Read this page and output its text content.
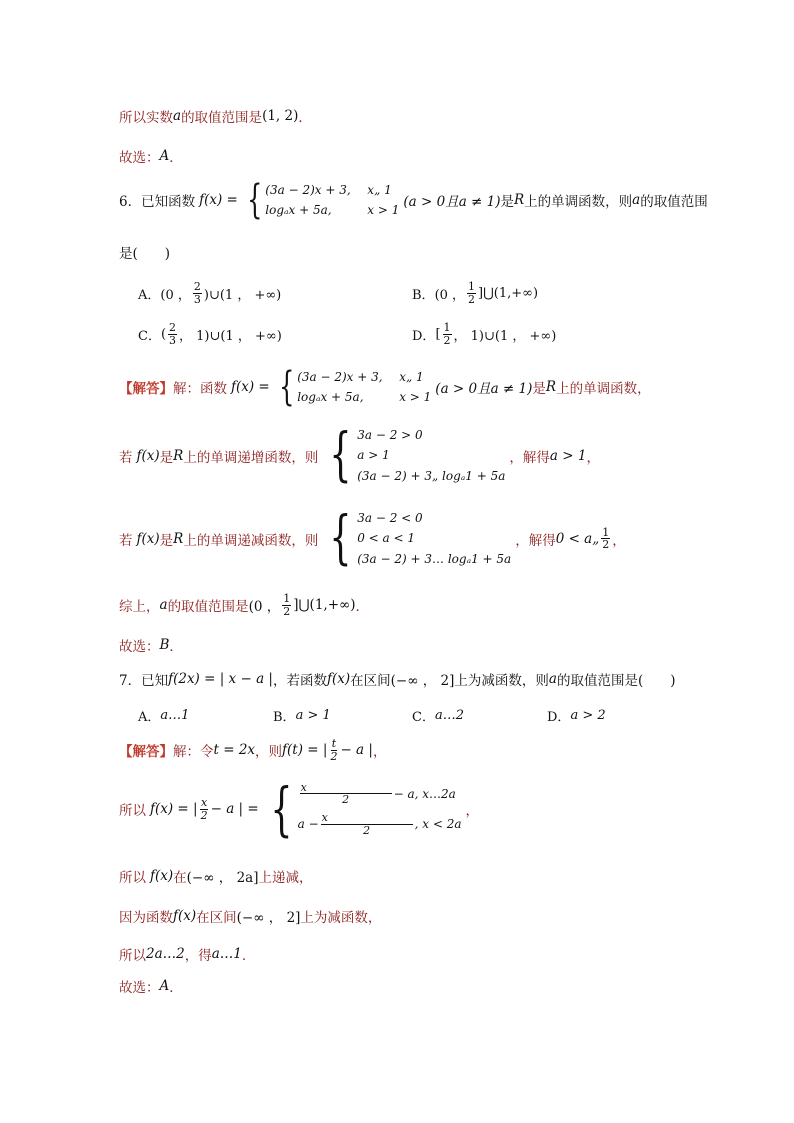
所以实数 a 的取值范围是 (1, 2) ．
故选： A ．
6． 已知函数 f(x) = { (3a − 2)x + 3,	x„ 1
logₐx + 5a,	x > 1 (a > 0且a ≠ 1) 是 R 上的单调函数，则 a 的取值范围
是(　　)
A． (0 ， $\frac{2}{3}$ )∪(1 ， +∞)	B． (0 ， $\frac{1}{2}$ ]⋃(1,+∞)
C． ( $\frac{2}{3}$ ， 1)∪(1 ， +∞)	D． [ $\frac{1}{2}$ ， 1)∪(1 ， +∞)
【解答】 解：函数 f(x) = { (3a − 2)x + 3,	x„ 1
logₐx + 5a,	x > 1 (a > 0且a ≠ 1) 是 R 上的单调函数，
若 f(x) 是 R 上的单调递增函数，则 { 3a − 2 > 0
a > 1
(3a − 2) + 3„ logₐ1 + 5a
，解得 a > 1 ，
若 f(x) 是 R 上的单调递减函数，则 { 3a − 2 < 0
0 < a < 1
(3a − 2) + 3… logₐ1 + 5a
，解得 0 < a„ $\frac{1}{2}$ ，
综上， a 的取值范围是 (0 ， $\frac{1}{2}$ ]⋃(1,+∞) ．
故选： B ．
7． 已知 f(2x) = | x − a | ，若函数 f(x) 在区间 (−∞ ， 2] 上为减函数，则 a 的取值范围是(　　)
A． a…1	B． a > 1	C． a…2	D． a > 2
【解答】 解：令 t = 2x ，则 f(t) = | $\frac{t}{2} - a$ | ，
所以 f(x) = | $\frac{x}{2} - a$ | = { $\frac{x}{2} - a$, x…2a
$a - \frac{x}{2}$ , x < 2a
，
所以 f(x) 在 (−∞ ， 2a] 上递减，
因为函数 f(x) 在区间 (−∞ ， 2] 上为减函数，
所以 2a…2 ，得 a…1 ．
故选： A ．
